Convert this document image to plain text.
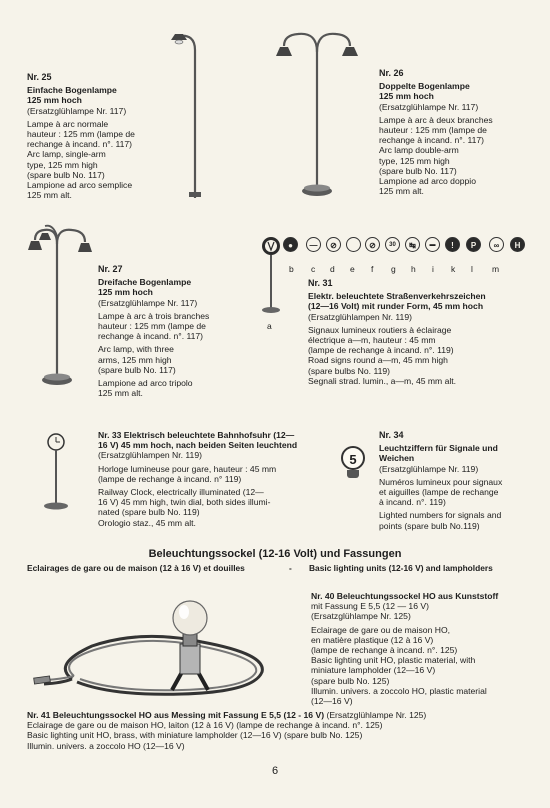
Nr. 25

Einfache Bogenlampe

125 mm hoch

(Ersatzglühlampe Nr. 117)

Lampe à arc normale

hauteur : 125 mm (lampe de

rechange à incand. n°. 117)

Arc lamp, single-arm

type, 125 mm high

(spare bulb No. 117)

Lampione ad arco semplice

125 mm alt.

Nr. 26

Doppelte Bogenlampe

125 mm hoch

(Ersatzglühlampe Nr. 117)

Lampe à arc à deux branches

hauteur : 125 mm (lampe de

rechange à incand. n°. 117)

Arc lamp double-arm

type, 125 mm high

(spare bulb No. 117)

Lampione ad arco doppio

125 mm alt.

Nr. 27

Dreifache Bogenlampe

125 mm hoch

(Ersatzglühlampe Nr. 117)

Lampe à arc à trois branches

hauteur : 125 mm (lampe de

rechange à incand. n°. 117)

Arc lamp, with three

arms, 125 mm high

(spare bulb No. 117)

Lampione ad arco tripolo

125 mm alt.

●	—	⊘	⊘	30	↹	▬	!	P	∞	H
a
b c d e f g h i k l m

Nr. 31

Elektr. beleuchtete Straßenverkehrszeichen

(12—16 Volt) mit runder Form, 45 mm hoch

(Ersatzglühlampen Nr. 119)

Signaux lumineux routiers à éclairage

électrique a—m, hauteur : 45 mm

(lampe de rechange à incand. n°. 119)

Road signs round a—m, 45 mm high

(spare bulbs No. 119)

Segnali strad. lumin., a—m, 45 mm alt.

Nr. 33 Elektrisch beleuchtete Bahnhofsuhr (12—

16 V) 45 mm hoch, nach beiden Seiten leuchtend

(Ersatzglühlampen Nr. 119)

Horloge lumineuse pour gare, hauteur : 45 mm

(lampe de rechange à incand. n° 119)

Railway Clock, electrically illuminated (12—

16 V) 45 mm high, twin dial, both sides illumi-

nated (spare bulb No. 119)

Orologio staz., 45 mm alt.

5

Nr. 34

Leuchtziffern für Signale und

Weichen

(Ersatzglühlampe Nr. 119)

Numéros lumineux pour signaux

et aiguilles (lampe de rechange

à incand. n°. 119)

Lighted numbers for signals and

points (spare bulb No.119)

Beleuchtungssockel (12-16 Volt) und Fassungen
Eclairages de gare ou de maison (12 à 16 V) et douilles	- Basic lighting units (12-16 V) and lampholders

Nr. 40 Beleuchtungssockel HO aus Kunststoff

mit Fassung E 5,5 (12 — 16 V)

(Ersatzglühlampe Nr. 125)

Eclairage de gare ou de maison HO,

en matière plastique (12 à 16 V)

(lampe de rechange à incand. n°. 125)

Basic lighting unit HO, plastic material, with

miniature lampholder (12—16 V)

(spare bulb No. 125)

Illumin. univers. a zoccolo HO, plastic material

(12—16 V)

Nr. 41 Beleuchtungssockel HO aus Messing mit Fassung E 5,5 (12 - 16 V) (Ersatzglühlampe Nr. 125)

Eclairage de gare ou de maison HO, laiton (12 à 16 V) (lampe de rechange à incand. n°. 125)

Basic lighting unit HO, brass, with miniature lampholder (12—16 V) (spare bulb No. 125)

Illumin. univers. a zoccolo HO (12—16 V)

6
